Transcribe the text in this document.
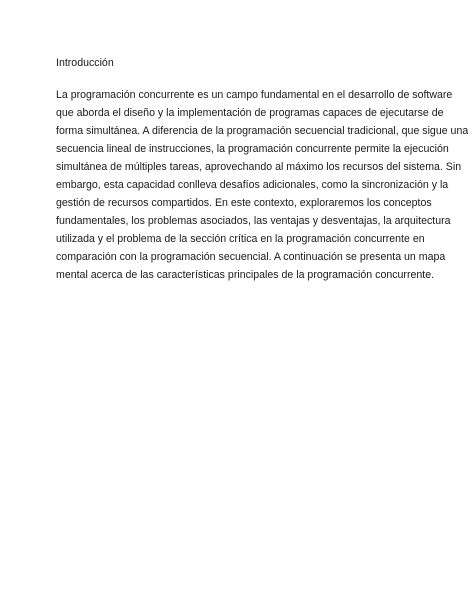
Introducción
La programación concurrente es un campo fundamental en el desarrollo de software
que aborda el diseño y la implementación de programas capaces de ejecutarse de
forma simultánea. A diferencia de la programación secuencial tradicional, que sigue una
secuencia lineal de instrucciones, la programación concurrente permite la ejecución
simultánea de múltiples tareas, aprovechando al máximo los recursos del sistema. Sin
embargo, esta capacidad conlleva desafíos adicionales, como la sincronización y la
gestión de recursos compartidos. En este contexto, exploraremos los conceptos
fundamentales, los problemas asociados, las ventajas y desventajas, la arquitectura
utilizada y el problema de la sección crítica en la programación concurrente en
comparación con la programación secuencial. A continuación se presenta un mapa
mental acerca de las características principales de la programación concurrente.
